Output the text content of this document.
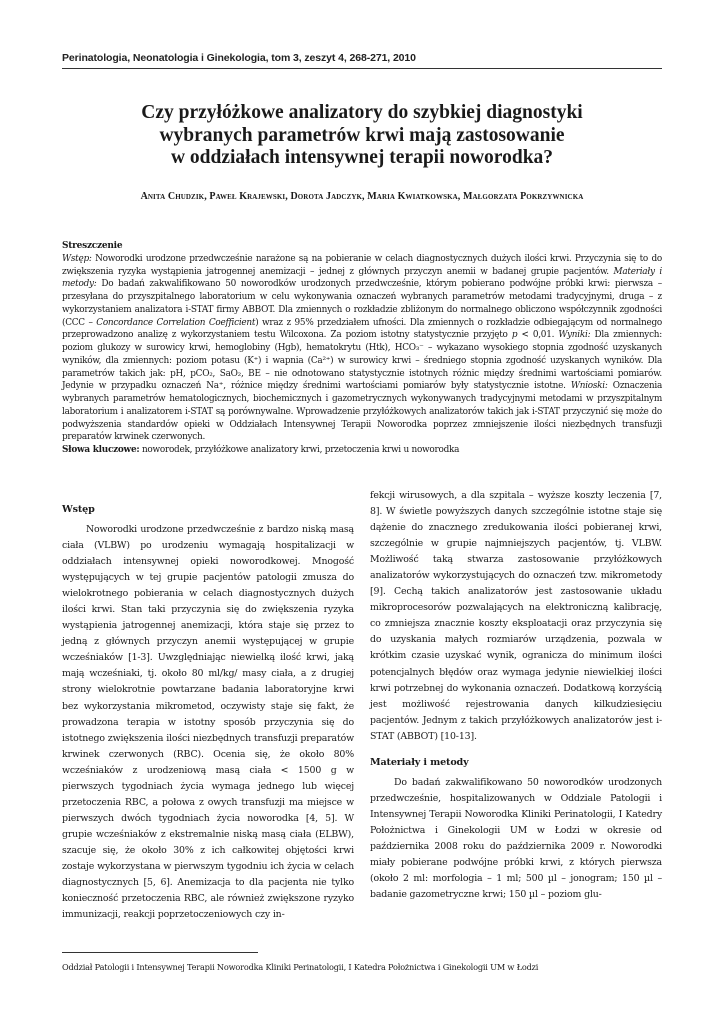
Perinatologia, Neonatologia i Ginekologia, tom 3, zeszyt 4, 268-271, 2010
Czy przyłóżkowe analizatory do szybkiej diagnostyki
wybranych parametrów krwi mają zastosowanie
w oddziałach intensywnej terapii noworodka?
Anita Chudzik, Paweł Krajewski, Dorota Jadczyk, Maria Kwiatkowska, Małgorzata Pokrzywnicka
Streszczenie

Wstęp: Noworodki urodzone przedwcześnie narażone są na pobieranie w celach diagnostycznych dużych ilości krwi. Przyczynia się to do zwiększenia ryzyka wystąpienia jatrogennej anemizacji – jednej z głównych przyczyn anemii w badanej grupie pacjentów. Materiały i metody: Do badań zakwalifikowano 50 noworodków urodzonych przedwcześnie, którym pobierano podwójne próbki krwi: pierwsza – przesyłana do przyszpitalnego laboratorium w celu wykonywania oznaczeń wybranych parametrów metodami tradycyjnymi, druga – z wykorzystaniem analizatora i-STAT firmy ABBOT. Dla zmiennych o rozkładzie zbliżonym do normalnego obliczono współczynnik zgodności (CCC – Concordance Correlation Coefficient) wraz z 95% przedziałem ufności. Dla zmiennych o rozkładzie odbiegającym od normalnego przeprowadzono analizę z wykorzystaniem testu Wilcoxona. Za poziom istotny statystycznie przyjęto p < 0,01. Wyniki: Dla zmiennych: poziom glukozy w surowicy krwi, hemoglobiny (Hgb), hematokrytu (Htk), HCO₃⁻ – wykazano wysokiego stopnia zgodność uzyskanych wyników, dla zmiennych: poziom potasu (K⁺) i wapnia (Ca²⁺) w surowicy krwi – średniego stopnia zgodność uzyskanych wyników. Dla parametrów takich jak: pH, pCO₂, SaO₂, BE – nie odnotowano statystycznie istotnych różnic między średnimi wartościami pomiarów. Jedynie w przypadku oznaczeń Na⁺, różnice między średnimi wartościami pomiarów były statystycznie istotne. Wnioski: Oznaczenia wybranych parametrów hematologicznych, biochemicznych i gazometrycznych wykonywanych tradycyjnymi metodami w przyszpitalnym laboratorium i analizatorem i-STAT są porównywalne. Wprowadzenie przyłóżkowych analizatorów takich jak i-STAT przyczynić się może do podwyższenia standardów opieki w Oddziałach Intensywnej Terapii Noworodka poprzez zmniejszenie ilości niezbędnych transfuzji preparatów krwinek czerwonych.

Słowa kluczowe: noworodek, przyłóżkowe analizatory krwi, przetoczenia krwi u noworodka

Wstęp

Noworodki urodzone przedwcześnie z bardzo niską masą ciała (VLBW) po urodzeniu wymagają hospitalizacji w oddziałach intensywnej opieki noworodkowej. Mnogość występujących w tej grupie pacjentów patologii zmusza do wielokrotnego pobierania w celach diagnostycznych dużych ilości krwi. Stan taki przyczynia się do zwiększenia ryzyka wystąpienia jatrogennej anemizacji, która staje się przez to jedną z głównych przyczyn anemii występującej w grupie wcześniaków [1-3]. Uwzględniając niewielką ilość krwi, jaką mają wcześniaki, tj. około 80 ml/kg/ masy ciała, a z drugiej strony wielokrotnie powtarzane badania laboratoryjne krwi bez wykorzystania mikrometod, oczywisty staje się fakt, że prowadzona terapia w istotny sposób przyczynia się do istotnego zwiększenia ilości niezbędnych transfuzji preparatów krwinek czerwonych (RBC). Ocenia się, że około 80% wcześniaków z urodzeniową masą ciała < 1500 g w pierwszych tygodniach życia wymaga jednego lub więcej przetoczenia RBC, a połowa z owych transfuzji ma miejsce w pierwszych dwóch tygodniach życia noworodka [4, 5]. W grupie wcześniaków z ekstremalnie niską masą ciała (ELBW), szacuje się, że około 30% z ich całkowitej objętości krwi zostaje wykorzystana w pierwszym tygodniu ich życia w celach diagnostycznych [5, 6]. Anemizacja to dla pacjenta nie tylko konieczność przetoczenia RBC, ale również zwiększone ryzyko immunizacji, reakcji poprzetoczeniowych czy in-

fekcji wirusowych, a dla szpitala – wyższe koszty leczenia [7, 8]. W świetle powyższych danych szczególnie istotne staje się dążenie do znacznego zredukowania ilości pobieranej krwi, szczególnie w grupie najmniejszych pacjentów, tj. VLBW. Możliwość taką stwarza zastosowanie przyłóżkowych analizatorów wykorzystujących do oznaczeń tzw. mikrometody [9]. Cechą takich analizatorów jest zastosowanie układu mikroprocesorów pozwalających na elektroniczną kalibrację, co zmniejsza znacznie koszty eksploatacji oraz przyczynia się do uzyskania małych rozmiarów urządzenia, pozwala w krótkim czasie uzyskać wynik, ogranicza do minimum ilości potencjalnych błędów oraz wymaga jedynie niewielkiej ilości krwi potrzebnej do wykonania oznaczeń. Dodatkową korzyścią jest możliwość rejestrowania danych kilkudziesięciu pacjentów. Jednym z takich przyłóżkowych analizatorów jest i-STAT (ABBOT) [10-13].

Materiały i metody

Do badań zakwalifikowano 50 noworodków urodzonych przedwcześnie, hospitalizowanych w Oddziale Patologii i Intensywnej Terapii Noworodka Kliniki Perinatologii, I Katedry Położnictwa i Ginekologii UM w Łodzi w okresie od października 2008 roku do października 2009 r. Noworodki miały pobierane podwójne próbki krwi, z których pierwsza (około 2 ml: morfologia – 1 ml; 500 µl – jonogram; 150 µl – badanie gazometryczne krwi; 150 µl – poziom glu-

Oddział Patologii i Intensywnej Terapii Noworodka Kliniki Perinatologii, I Katedra Położnictwa i Ginekologii UM w Łodzi
